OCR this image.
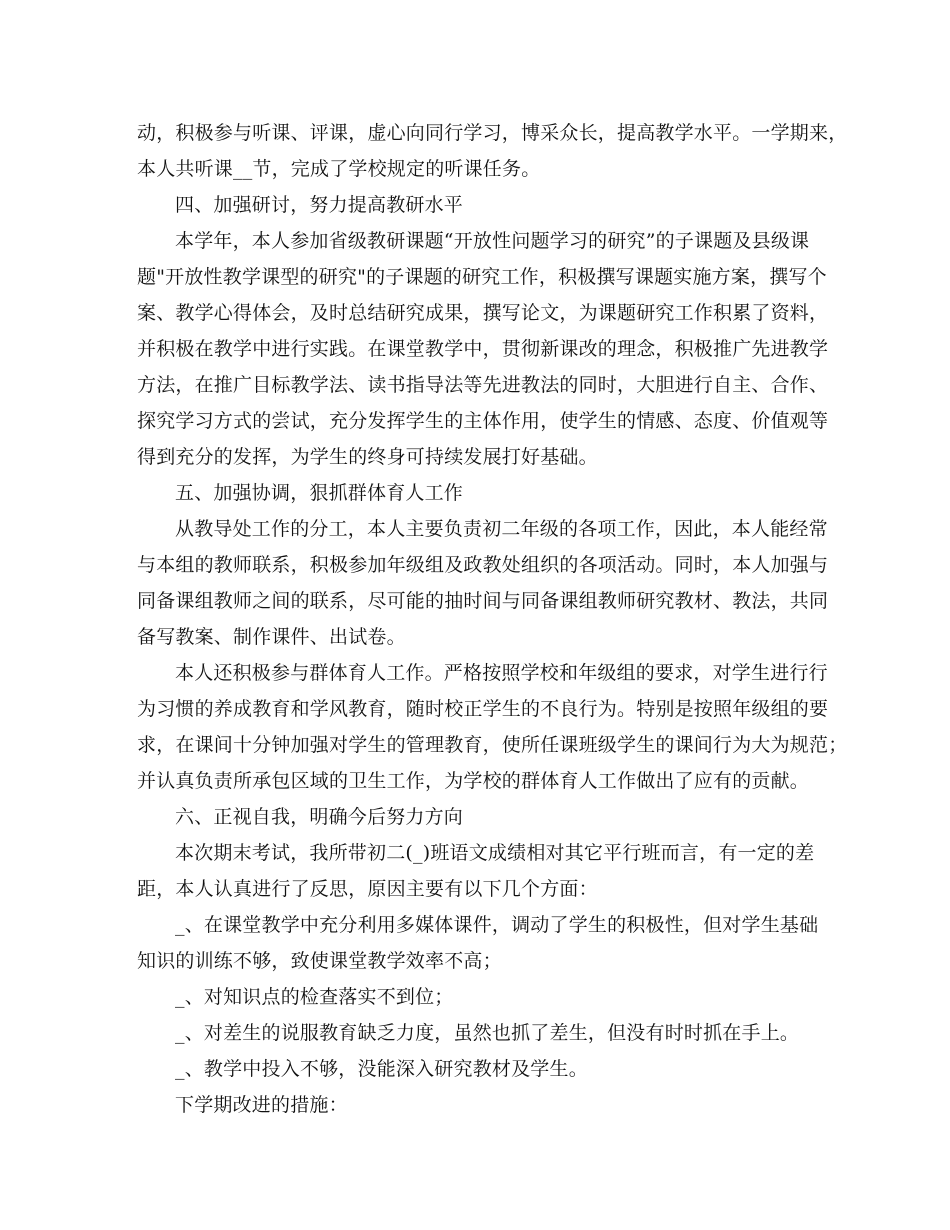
动，积极参与听课、评课，虚心向同行学习，博采众长，提高教学水平。一学期来，
本人共听课__节，完成了学校规定的听课任务。
四、加强研讨，努力提高教研水平
本学年，本人参加省级教研课题“开放性问题学习的研究”的子课题及县级课
题"开放性教学课型的研究"的子课题的研究工作，积极撰写课题实施方案，撰写个
案、教学心得体会，及时总结研究成果，撰写论文，为课题研究工作积累了资料，
并积极在教学中进行实践。在课堂教学中，贯彻新课改的理念，积极推广先进教学
方法，在推广目标教学法、读书指导法等先进教法的同时，大胆进行自主、合作、
探究学习方式的尝试，充分发挥学生的主体作用，使学生的情感、态度、价值观等
得到充分的发挥，为学生的终身可持续发展打好基础。
五、加强协调，狠抓群体育人工作
从教导处工作的分工，本人主要负责初二年级的各项工作，因此，本人能经常
与本组的教师联系，积极参加年级组及政教处组织的各项活动。同时，本人加强与
同备课组教师之间的联系，尽可能的抽时间与同备课组教师研究教材、教法，共同
备写教案、制作课件、出试卷。
本人还积极参与群体育人工作。严格按照学校和年级组的要求，对学生进行行
为习惯的养成教育和学风教育，随时校正学生的不良行为。特别是按照年级组的要
求，在课间十分钟加强对学生的管理教育，使所任课班级学生的课间行为大为规范；
并认真负责所承包区域的卫生工作，为学校的群体育人工作做出了应有的贡献。
六、正视自我，明确今后努力方向
本次期末考试，我所带初二(_)班语文成绩相对其它平行班而言，有一定的差
距，本人认真进行了反思，原因主要有以下几个方面：
_、在课堂教学中充分利用多媒体课件，调动了学生的积极性，但对学生基础
知识的训练不够，致使课堂教学效率不高；
_、对知识点的检查落实不到位；
_、对差生的说服教育缺乏力度，虽然也抓了差生，但没有时时抓在手上。
_、教学中投入不够，没能深入研究教材及学生。
下学期改进的措施：
